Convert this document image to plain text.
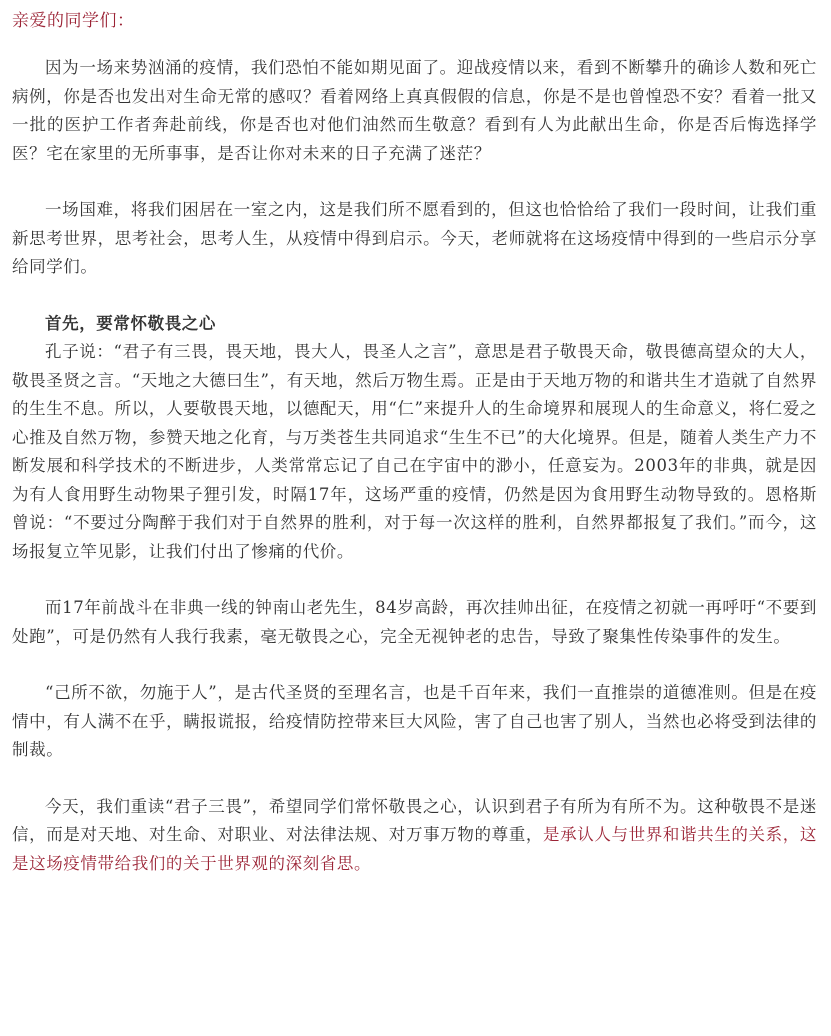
亲爱的同学们：

因为一场来势汹涌的疫情，我们恐怕不能如期见面了。迎战疫情以来，看到不断攀升的确诊人数和死亡病例，你是否也发出对生命无常的感叹？看着网络上真真假假的信息，你是不是也曾惶恐不安？看着一批又一批的医护工作者奔赴前线，你是否也对他们油然而生敬意？看到有人为此献出生命，你是否后悔选择学医？宅在家里的无所事事，是否让你对未来的日子充满了迷茫？

一场国难，将我们困居在一室之内，这是我们所不愿看到的，但这也恰恰给了我们一段时间，让我们重新思考世界，思考社会，思考人生，从疫情中得到启示。今天，老师就将在这场疫情中得到的一些启示分享给同学们。

首先，要常怀敬畏之心

孔子说：“君子有三畏，畏天地，畏大人，畏圣人之言”，意思是君子敬畏天命，敬畏德高望众的大人，敬畏圣贤之言。“天地之大德曰生”，有天地，然后万物生焉。正是由于天地万物的和谐共生才造就了自然界的生生不息。所以，人要敬畏天地，以德配天，用“仁”来提升人的生命境界和展现人的生命意义，将仁爱之心推及自然万物，参赞天地之化育，与万类苍生共同追求“生生不已”的大化境界。但是，随着人类生产力不断发展和科学技术的不断进步，人类常常忘记了自己在宇宙中的渺小，任意妄为。2003年的非典，就是因为有人食用野生动物果子狸引发，时隔17年，这场严重的疫情，仍然是因为食用野生动物导致的。恩格斯曾说：“不要过分陶醉于我们对于自然界的胜利，对于每一次这样的胜利，自然界都报复了我们。”而今，这场报复立竿见影，让我们付出了惨痛的代价。

而17年前战斗在非典一线的钟南山老先生，84岁高龄，再次挂帅出征，在疫情之初就一再呼吁“不要到处跑”，可是仍然有人我行我素，毫无敬畏之心，完全无视钟老的忠告，导致了聚集性传染事件的发生。

“己所不欲，勿施于人”，是古代圣贤的至理名言，也是千百年来，我们一直推崇的道德准则。但是在疫情中，有人满不在乎，瞒报谎报，给疫情防控带来巨大风险，害了自己也害了别人，当然也必将受到法律的制裁。

今天，我们重读“君子三畏”，希望同学们常怀敬畏之心，认识到君子有所为有所不为。这种敬畏不是迷信，而是对天地、对生命、对职业、对法律法规、对万事万物的尊重，是承认人与世界和谐共生的关系，这是这场疫情带给我们的关于世界观的深刻省思。
